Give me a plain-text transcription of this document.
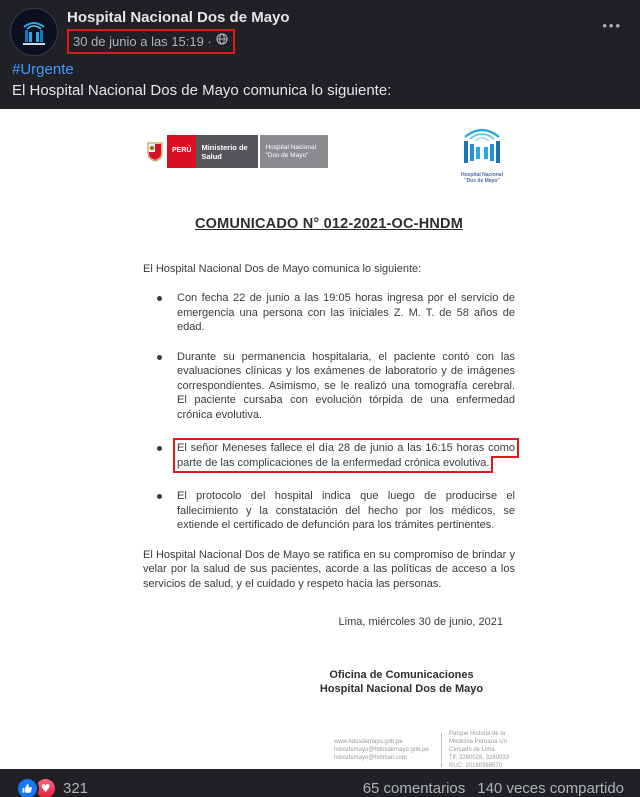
Hospital Nacional Dos de Mayo
30 de junio a las 15:19 ·
•••
#Urgente
El Hospital Nacional Dos de Mayo comunica lo siguiente:
PERÚ	Ministerio de Salud
Hospital Nacional "Dos de Mayo"
Hospital Nacional
"Dos de Mayo"
COMUNICADO N° 012-2021-OC-HNDM
El Hospital Nacional Dos de Mayo comunica lo siguiente:
Con fecha 22 de junio a las 19:05 horas ingresa por el servicio de emergencia una persona con las iniciales Z. M. T. de 58 años de edad.
Durante su permanencia hospitalaria, el paciente contó con las evaluaciones clínicas y los exámenes de laboratorio y de imágenes correspondientes. Asimismo, se le realizó una tomografía cerebral. El paciente cursaba con evolución tórpida de una enfermedad crónica evolutiva.
El señor Meneses fallece el día 28 de junio a las 16:15 horas como parte de las complicaciones de la enfermedad crónica evolutiva.
El protocolo del hospital indica que luego de producirse el fallecimiento y la constatación del hecho por los médicos, se extiende el certificado de defunción para los trámites pertinentes.
El Hospital Nacional Dos de Mayo se ratifica en su compromiso de brindar y velar por la salud de sus pacientes, acorde a las políticas de acceso a los servicios de salud, y el cuidado y respeto hacia las personas.
Lima, miércoles 30 de junio, 2021
Oficina de Comunicaciones
Hospital Nacional Dos de Mayo
www.hdosdemayo.gob.pe
hdosdemayo@hdosdemayo.gob.pe
hdosdemayo@hotmail.com
Parque Historia de la
Medicina Peruana s/n
Cercado de Lima
Tlf. 3280028, 3280033
RUC: 20160388570
♥ 321	65 comentarios 140 veces compartido
